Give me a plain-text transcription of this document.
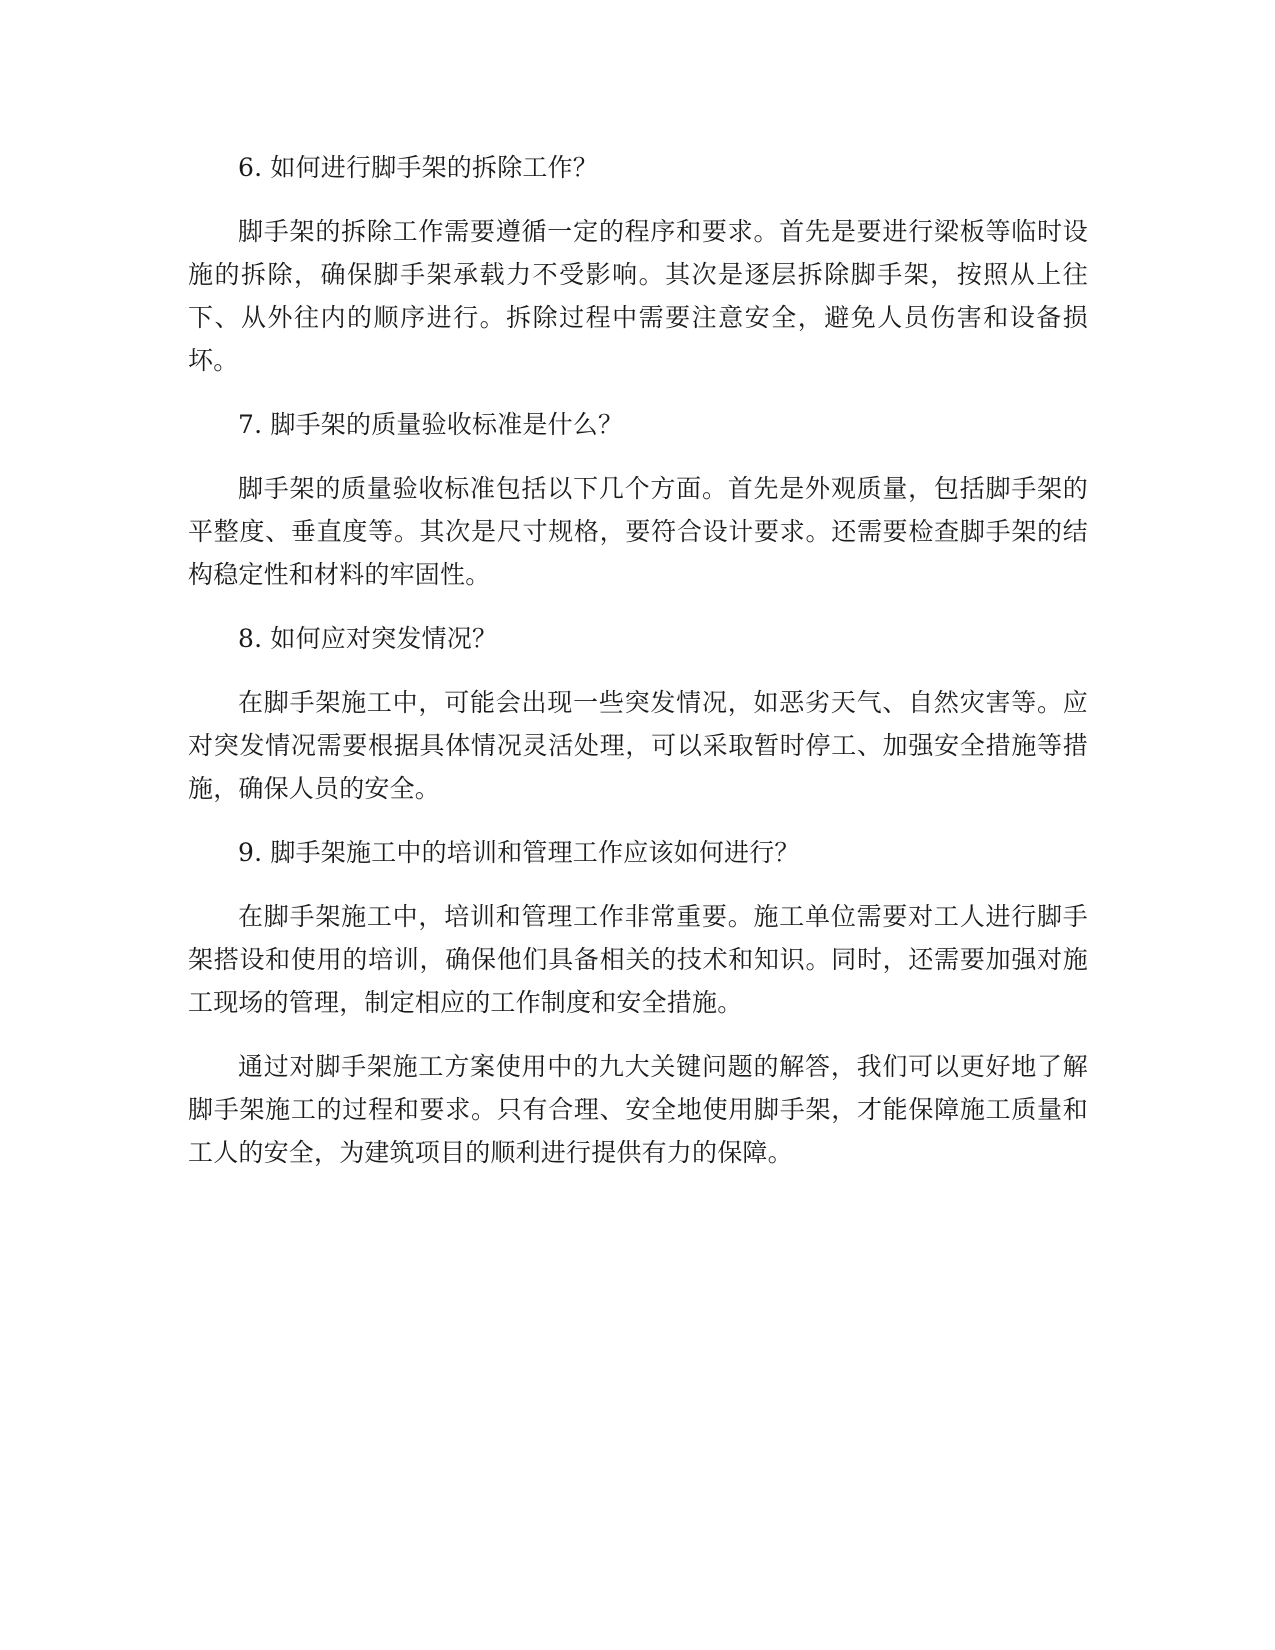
6. 如何进行脚手架的拆除工作？

脚手架的拆除工作需要遵循一定的程序和要求。首先是要进行梁板等临时设施的拆除，确保脚手架承载力不受影响。其次是逐层拆除脚手架，按照从上往下、从外往内的顺序进行。拆除过程中需要注意安全，避免人员伤害和设备损坏。

7. 脚手架的质量验收标准是什么？

脚手架的质量验收标准包括以下几个方面。首先是外观质量，包括脚手架的平整度、垂直度等。其次是尺寸规格，要符合设计要求。还需要检查脚手架的结构稳定性和材料的牢固性。

8. 如何应对突发情况？

在脚手架施工中，可能会出现一些突发情况，如恶劣天气、自然灾害等。应对突发情况需要根据具体情况灵活处理，可以采取暂时停工、加强安全措施等措施，确保人员的安全。

9. 脚手架施工中的培训和管理工作应该如何进行？

在脚手架施工中，培训和管理工作非常重要。施工单位需要对工人进行脚手架搭设和使用的培训，确保他们具备相关的技术和知识。同时，还需要加强对施工现场的管理，制定相应的工作制度和安全措施。

通过对脚手架施工方案使用中的九大关键问题的解答，我们可以更好地了解脚手架施工的过程和要求。只有合理、安全地使用脚手架，才能保障施工质量和工人的安全，为建筑项目的顺利进行提供有力的保障。
